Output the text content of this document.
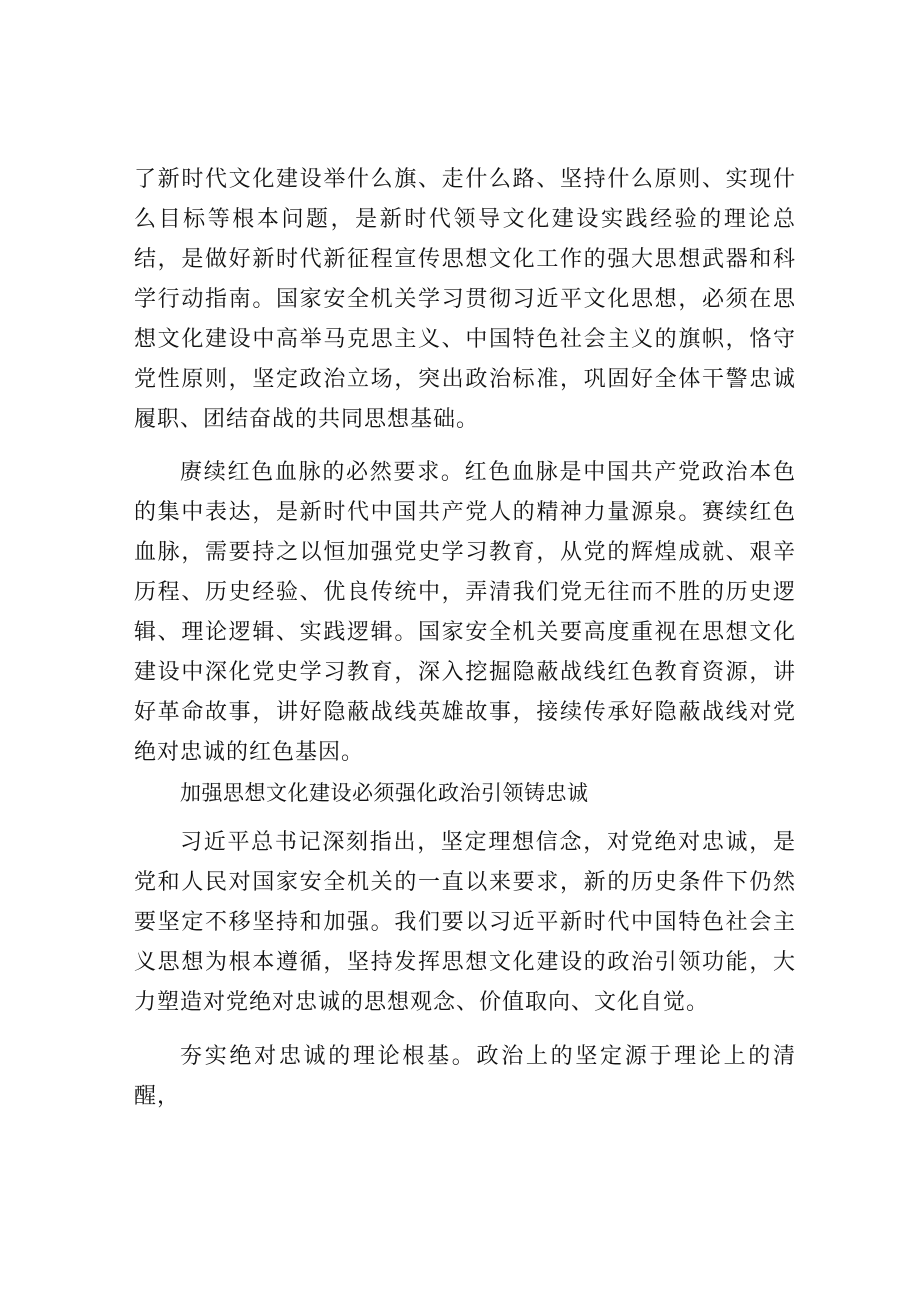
了新时代文化建设举什么旗、走什么路、坚持什么原则、实现什么目标等根本问题，是新时代领导文化建设实践经验的理论总结，是做好新时代新征程宣传思想文化工作的强大思想武器和科学行动指南。国家安全机关学习贯彻习近平文化思想，必须在思想文化建设中高举马克思主义、中国特色社会主义的旗帜，恪守党性原则，坚定政治立场，突出政治标准，巩固好全体干警忠诚履职、团结奋战的共同思想基础。

赓续红色血脉的必然要求。红色血脉是中国共产党政治本色的集中表达，是新时代中国共产党人的精神力量源泉。赛续红色血脉，需要持之以恒加强党史学习教育，从党的辉煌成就、艰辛历程、历史经验、优良传统中，弄清我们党无往而不胜的历史逻辑、理论逻辑、实践逻辑。国家安全机关要高度重视在思想文化建设中深化党史学习教育，深入挖掘隐蔽战线红色教育资源，讲好革命故事，讲好隐蔽战线英雄故事，接续传承好隐蔽战线对党绝对忠诚的红色基因。

加强思想文化建设必须强化政治引领铸忠诚

习近平总书记深刻指出，坚定理想信念，对党绝对忠诚，是党和人民对国家安全机关的一直以来要求，新的历史条件下仍然要坚定不移坚持和加强。我们要以习近平新时代中国特色社会主义思想为根本遵循，坚持发挥思想文化建设的政治引领功能，大力塑造对党绝对忠诚的思想观念、价值取向、文化自觉。

夯实绝对忠诚的理论根基。政治上的坚定源于理论上的清醒，
